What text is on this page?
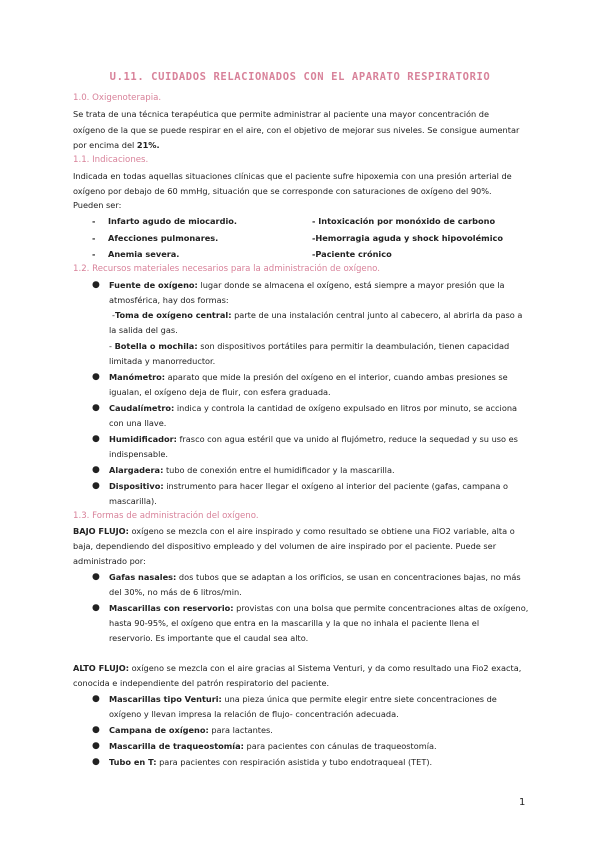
U.11. CUIDADOS RELACIONADOS CON EL APARATO RESPIRATORIO
1.0. Oxigenoterapia.
Se trata de una técnica terapéutica que permite administrar al paciente una mayor concentración de
oxígeno de la que se puede respirar en el aire, con el objetivo de mejorar sus niveles. Se consigue aumentar
por encima del 21%.
1.1. Indicaciones.
Indicada en todas aquellas situaciones clínicas que el paciente sufre hipoxemia con una presión arterial de
oxígeno por debajo de 60 mmHg, situación que se corresponde con saturaciones de oxígeno del 90%.
Pueden ser:
- Infarto agudo de miocardio.	- Intoxicación por monóxido de carbono
- Afecciones pulmonares.	-Hemorragia aguda y shock hipovolémico
- Anemia severa.	-Paciente crónico
1.2. Recursos materiales necesarios para la administración de oxígeno.
● Fuente de oxígeno: lugar donde se almacena el oxígeno, está siempre a mayor presión que la
atmosférica, hay dos formas:
-Toma de oxígeno central: parte de una instalación central junto al cabecero, al abrirla da paso a
la salida del gas.
- Botella o mochila: son dispositivos portátiles para permitir la deambulación, tienen capacidad
limitada y manorreductor.
● Manómetro: aparato que mide la presión del oxígeno en el interior, cuando ambas presiones se
igualan, el oxígeno deja de fluir, con esfera graduada.
● Caudalímetro: indica y controla la cantidad de oxígeno expulsado en litros por minuto, se acciona
con una llave.
● Humidificador: frasco con agua estéril que va unido al flujómetro, reduce la sequedad y su uso es
indispensable.
● Alargadera: tubo de conexión entre el humidificador y la mascarilla.
● Dispositivo: instrumento para hacer llegar el oxígeno al interior del paciente (gafas, campana o
mascarilla).
1.3. Formas de administración del oxígeno.
BAJO FLUJO: oxígeno se mezcla con el aire inspirado y como resultado se obtiene una FiO2 variable, alta o
baja, dependiendo del dispositivo empleado y del volumen de aire inspirado por el paciente. Puede ser
administrado por:
● Gafas nasales: dos tubos que se adaptan a los orificios, se usan en concentraciones bajas, no más
del 30%, no más de 6 litros/min.
● Mascarillas con reservorio: provistas con una bolsa que permite concentraciones altas de oxígeno,
hasta 90-95%, el oxígeno que entra en la mascarilla y la que no inhala el paciente llena el
reservorio. Es importante que el caudal sea alto.
ALTO FLUJO: oxígeno se mezcla con el aire gracias al Sistema Venturi, y da como resultado una Fio2 exacta,
conocida e independiente del patrón respiratorio del paciente.
● Mascarillas tipo Venturi: una pieza única que permite elegir entre siete concentraciones de
oxígeno y llevan impresa la relación de flujo- concentración adecuada.
● Campana de oxígeno: para lactantes.
● Mascarilla de traqueostomía: para pacientes con cánulas de traqueostomía.
● Tubo en T: para pacientes con respiración asistida y tubo endotraqueal (TET).
1
